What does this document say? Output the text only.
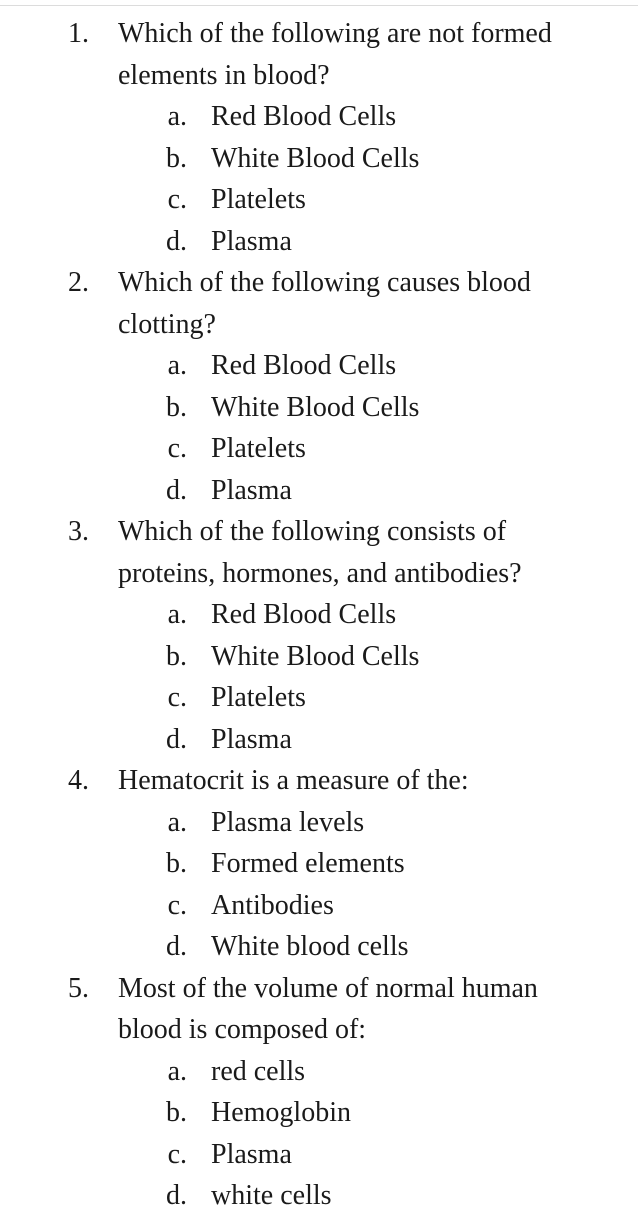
1. Which of the following are not formed elements in blood?
a. Red Blood Cells
b. White Blood Cells
c. Platelets
d. Plasma
2. Which of the following causes blood clotting?
a. Red Blood Cells
b. White Blood Cells
c. Platelets
d. Plasma
3. Which of the following consists of proteins, hormones, and antibodies?
a. Red Blood Cells
b. White Blood Cells
c. Platelets
d. Plasma
4. Hematocrit is a measure of the:
a. Plasma levels
b. Formed elements
c. Antibodies
d. White blood cells
5. Most of the volume of normal human blood is composed of:
a. red cells
b. Hemoglobin
c. Plasma
d. white cells
